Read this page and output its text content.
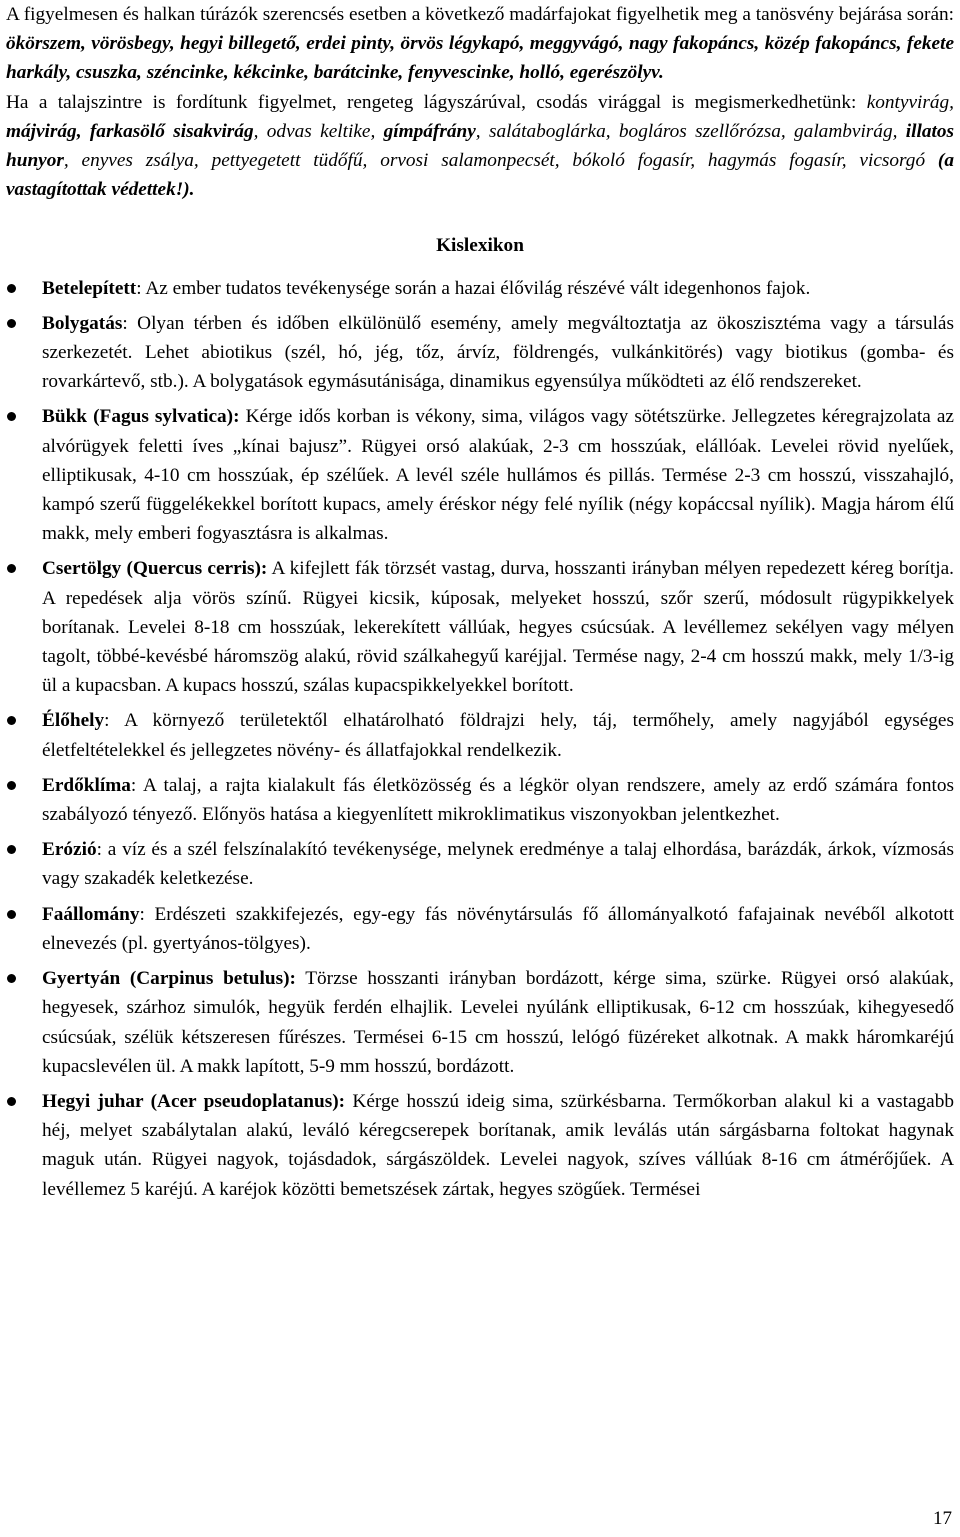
A figyelmesen és halkan túrázók szerencsés esetben a következő madárfajokat figyelhetik meg a tanösvény bejárása során: ökörszem, vörösbegy, hegyi billegető, erdei pinty, örvös légykapó, meggyvágó, nagy fakopáncs, közép fakopáncs, fekete harkály, csuszka, széncinke, kékcinke, barátcinke, fenyvescinke, holló, egerészölyv.

Ha a talajszintre is fordítunk figyelmet, rengeteg lágyszárúval, csodás virággal is megismerkedhetünk: kontyvirág, májvirág, farkasölő sisakvirág, odvas keltike, gímpáfrány, salátaboglárka, bogláros szellőrózsa, galambvirág, illatos hunyor, enyves zsálya, pettyegetett tüdőfű, orvosi salamonpecsét, bókoló fogasír, hagymás fogasír, vicsorgó (a vastagítottak védettek!).

Kislexikon

Betelepített: Az ember tudatos tevékenysége során a hazai élővilág részévé vált idegenhonos fajok.
Bolygatás: Olyan térben és időben elkülönülő esemény, amely megváltoztatja az ökoszisztéma vagy a társulás szerkezetét. Lehet abiotikus (szél, hó, jég, tőz, árvíz, földrengés, vulkánkitörés) vagy biotikus (gomba- és rovarkártevő, stb.). A bolygatások egymásutánisága, dinamikus egyensúlya működteti az élő rendszereket.
Bükk (Fagus sylvatica): Kérge idős korban is vékony, sima, világos vagy sötétszürke. Jellegzetes kéregrajzolata az alvórügyek feletti íves „kínai bajusz”. Rügyei orsó alakúak, 2-3 cm hosszúak, elállóak. Levelei rövid nyelűek, elliptikusak, 4-10 cm hosszúak, ép szélűek. A levél széle hullámos és pillás. Termése 2-3 cm hosszú, visszahajló, kampó szerű függelékekkel borított kupacs, amely éréskor négy felé nyílik (négy kopáccsal nyílik). Magja három élű makk, mely emberi fogyasztásra is alkalmas.
Csertölgy (Quercus cerris): A kifejlett fák törzsét vastag, durva, hosszanti irányban mélyen repedezett kéreg borítja. A repedések alja vörös színű. Rügyei kicsik, kúposak, melyeket hosszú, szőr szerű, módosult rügypikkelyek borítanak. Levelei 8-18 cm hosszúak, lekerekített vállúak, hegyes csúcsúak. A levéllemez sekélyen vagy mélyen tagolt, többé-kevésbé háromszög alakú, rövid szálkahegyű karéjjal. Termése nagy, 2-4 cm hosszú makk, mely 1/3-ig ül a kupacsban. A kupacs hosszú, szálas kupacspikkelyekkel borított.
Élőhely: A környező területektől elhatárolható földrajzi hely, táj, termőhely, amely nagyjából egységes életfeltételekkel és jellegzetes növény- és állatfajokkal rendelkezik.
Erdőklíma: A talaj, a rajta kialakult fás életközösség és a légkör olyan rendszere, amely az erdő számára fontos szabályozó tényező. Előnyös hatása a kiegyenlített mikroklimatikus viszonyokban jelentkezhet.
Erózió: a víz és a szél felszínalakító tevékenysége, melynek eredménye a talaj elhordása, barázdák, árkok, vízmosás vagy szakadék keletkezése.
Faállomány: Erdészeti szakkifejezés, egy-egy fás növénytársulás fő állományalkotó fafajainak nevéből alkotott elnevezés (pl. gyertyános-tölgyes).
Gyertyán (Carpinus betulus): Törzse hosszanti irányban bordázott, kérge sima, szürke. Rügyei orsó alakúak, hegyesek, szárhoz simulók, hegyük ferdén elhajlik. Levelei nyúlánk elliptikusak, 6-12 cm hosszúak, kihegyesedő csúcsúak, szélük kétszeresen fűrészes. Termései 6-15 cm hosszú, lelógó füzéreket alkotnak. A makk háromkaréjú kupacslevélen ül. A makk lapított, 5-9 mm hosszú, bordázott.
Hegyi juhar (Acer pseudoplatanus): Kérge hosszú ideig sima, szürkésbarna. Termőkorban alakul ki a vastagabb héj, melyet szabálytalan alakú, leváló kéregcserepek borítanak, amik leválás után sárgásbarna foltokat hagynak maguk után. Rügyei nagyok, tojásdadok, sárgászöldek. Levelei nagyok, szíves vállúak 8-16 cm átmérőjűek. A levéllemez 5 karéjú. A karéjok közötti bemetszések zártak, hegyes szögűek. Termései
17
